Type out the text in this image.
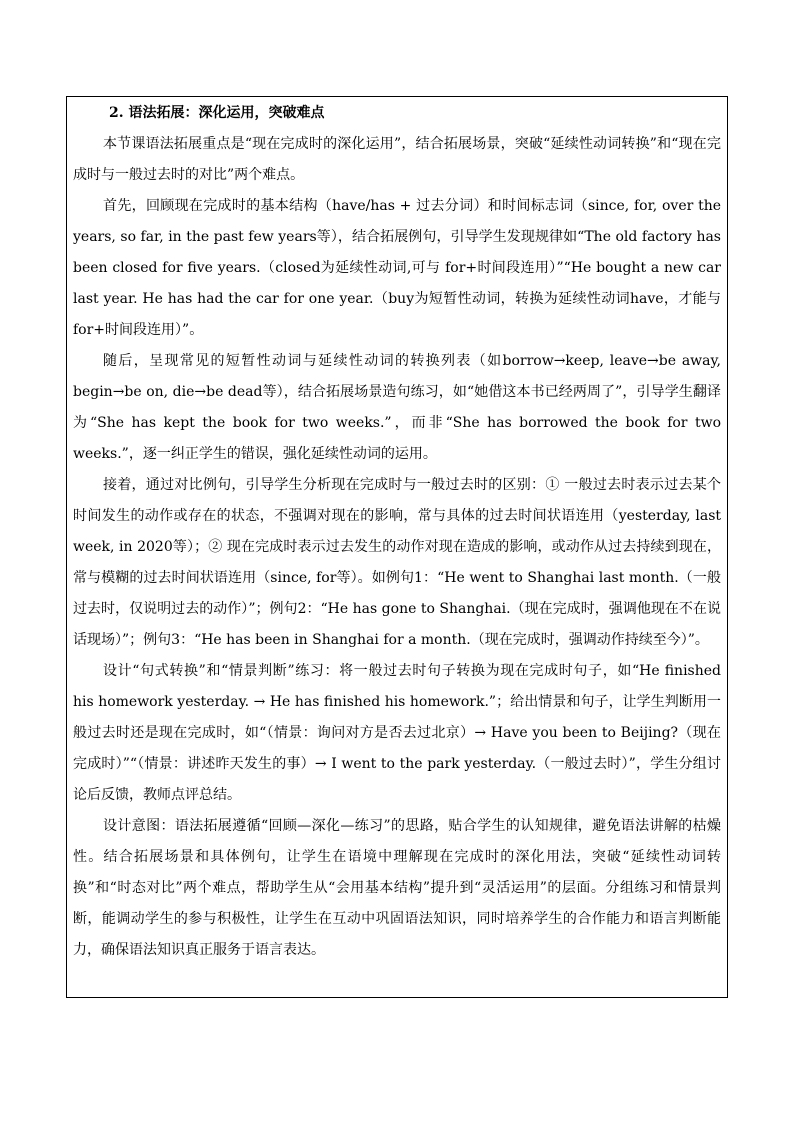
2. 语法拓展：深化运用，突破难点

本节课语法拓展重点是“现在完成时的深化运用”，结合拓展场景，突破“延续性动词转换”和“现在完成时与一般过去时的对比”两个难点。

首先，回顾现在完成时的基本结构（have/has + 过去分词）和时间标志词（since, for, over the years, so far, in the past few years等），结合拓展例句，引导学生发现规律如“The old factory has been closed for five years.（closed为延续性动词,可与 for+时间段连用）”“He bought a new car last year. He has had the car for one year.（buy为短暂性动词，转换为延续性动词have，才能与 for+时间段连用）”。

随后，呈现常见的短暂性动词与延续性动词的转换列表（如borrow→keep, leave→be away, begin→be on, die→be dead等），结合拓展场景造句练习，如“她借这本书已经两周了”，引导学生翻译为“She has kept the book for two weeks.”，而非“She has borrowed the book for two weeks.”，逐一纠正学生的错误，强化延续性动词的运用。

接着，通过对比例句，引导学生分析现在完成时与一般过去时的区别：① 一般过去时表示过去某个时间发生的动作或存在的状态，不强调对现在的影响，常与具体的过去时间状语连用（yesterday, last week, in 2020等）；② 现在完成时表示过去发生的动作对现在造成的影响，或动作从过去持续到现在，常与模糊的过去时间状语连用（since, for等）。如例句1：“He went to Shanghai last month.（一般过去时，仅说明过去的动作）”；例句2：“He has gone to Shanghai.（现在完成时，强调他现在不在说话现场）”；例句3：“He has been in Shanghai for a month.（现在完成时，强调动作持续至今）”。

设计“句式转换”和“情景判断”练习：将一般过去时句子转换为现在完成时句子，如“He finished his homework yesterday. → He has finished his homework.”；给出情景和句子，让学生判断用一般过去时还是现在完成时，如“（情景：询问对方是否去过北京）→ Have you been to Beijing?（现在完成时）”“（情景：讲述昨天发生的事）→ I went to the park yesterday.（一般过去时）”，学生分组讨论后反馈，教师点评总结。

设计意图：语法拓展遵循“回顾—深化—练习”的思路，贴合学生的认知规律，避免语法讲解的枯燥性。结合拓展场景和具体例句，让学生在语境中理解现在完成时的深化用法，突破“延续性动词转换”和“时态对比”两个难点，帮助学生从“会用基本结构”提升到“灵活运用”的层面。分组练习和情景判断，能调动学生的参与积极性，让学生在互动中巩固语法知识，同时培养学生的合作能力和语言判断能力，确保语法知识真正服务于语言表达。
